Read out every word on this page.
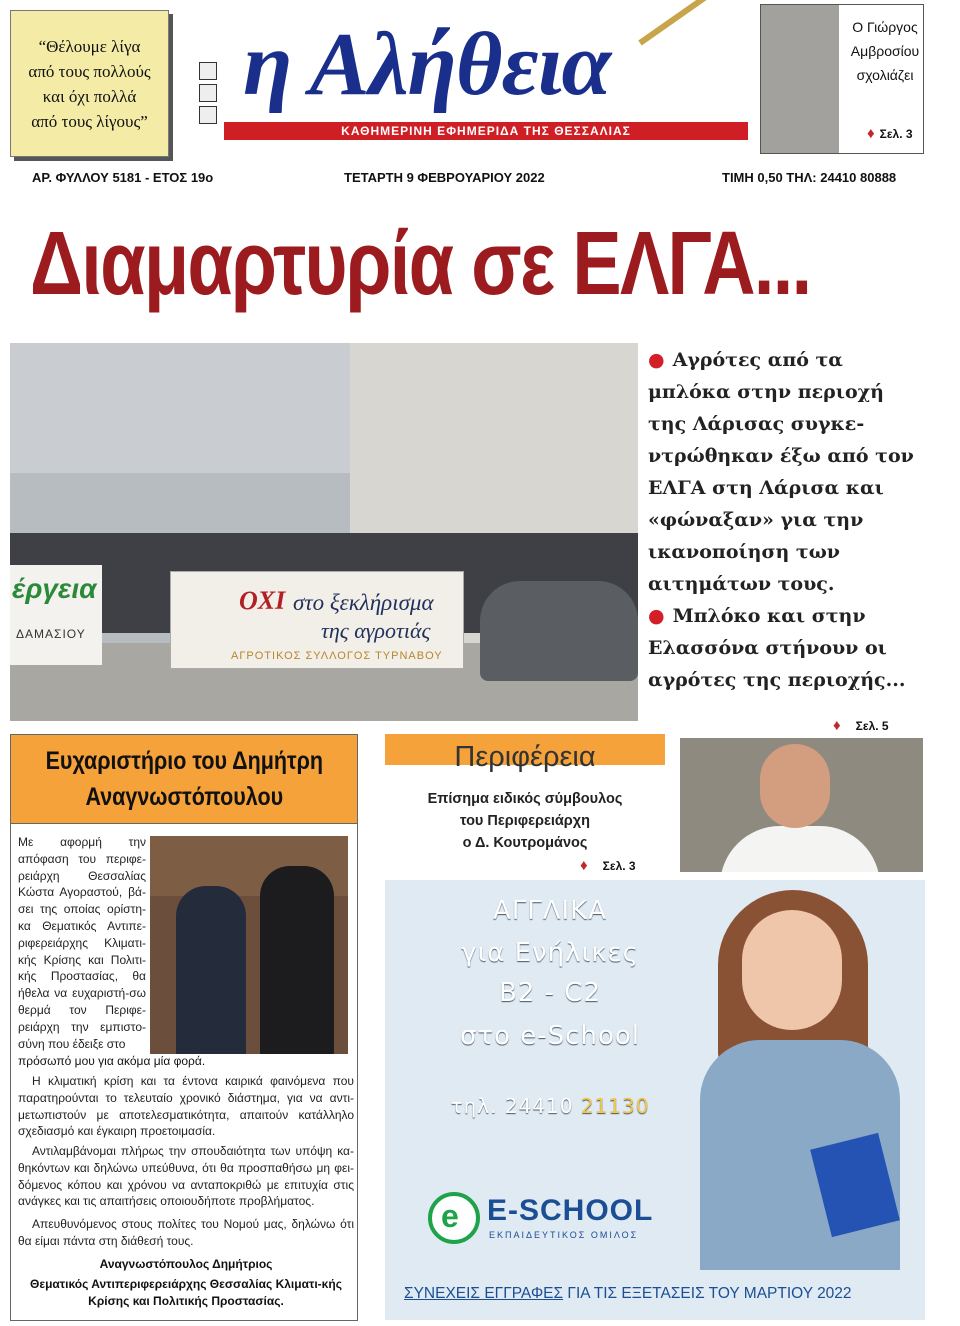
“Θέλουμε λίγα
από τους πολλούς
και όχι πολλά
από τους λίγους”
η Αλήθεια
ΚΑΘΗΜΕΡΙΝΗ ΕΦΗΜΕΡΙΔΑ ΤΗΣ ΘΕΣΣΑΛΙΑΣ
Ο Γιώργος
Αμβροσίου
σχολιάζει
♦ Σελ. 3
ΑΡ. ΦΥΛΛΟΥ 5181 - ΕΤΟΣ 19ο	ΤΕΤΑΡΤΗ 9 ΦΕΒΡΟΥΑΡΙΟΥ 2022	ΤΙΜΗ 0,50 ΤΗΛ: 24410 80888
Διαμαρτυρία σε ΕΛΓΑ...
έργεια
ΔΑΜΑΣΙΟΥ
ΟΧΙ στο ξεκλήρισμα
της αγροτιάς
ΑΓΡΟΤΙΚΟΣ ΣΥΛΛΟΓΟΣ ΤΥΡΝΑΒΟΥ

● Αγρότες από τα μπλόκα στην περιοχή της Λάρισας συγκε-ντρώθηκαν έξω από τον ΕΛΓΑ στη Λάρισα και «φώναξαν» για την ικανοποίηση των αιτημάτων τους.

● Μπλόκο και στην Ελασσόνα στήνουν οι αγρότες της περιοχής...

♦ Σελ. 5
Ευχαριστήριο του Δημήτρη
Αναγνωστόπουλου
Με αφορμή την απόφαση του περιφε-ρειάρχη Θεσσαλίας Κώστα Αγοραστού, βά-σει της οποίας ορίστη-κα Θεματικός Αντιπε-ριφερειάρχης Κλιματι-κής Κρίσης και Πολιτι-κής Προστασίας, θα ήθελα να ευχαριστή-σω θερμά τον Περιφε-ρειάρχη την εμπιστο-σύνη που έδειξε στο
πρόσωπό μου για ακόμα μία φορά.

Η κλιματική κρίση και τα έντονα καιρικά φαινόμενα που παρατηρούνται το τελευταίο χρονικό διάστημα, για να αντι-μετωπιστούν με αποτελεσματικότητα, απαιτούν κατάλληλο σχεδιασμό και έγκαιρη προετοιμασία.

Αντιλαμβάνομαι πλήρως την σπουδαιότητα των υπόψη κα-θηκόντων και δηλώνω υπεύθυνα, ότι θα προσπαθήσω μη φει-δόμενος κόπου και χρόνου να ανταποκριθώ με επιτυχία στις ανάγκες και τις απαιτήσεις οποιουδήποτε προβλήματος.

Απευθυνόμενος στους πολίτες του Νομού μας, δηλώνω ότι θα είμαι πάντα στη διάθεσή τους.

Αναγνωστόπουλος Δημήτριος
Θεματικός Αντιπεριφερειάρχης Θεσσαλίας Κλιματι-κής Κρίσης και Πολιτικής Προστασίας.
Περιφέρεια
Επίσημα ειδικός σύμβουλος
του Περιφερειάρχη
ο Δ. Κουτρομάνος
♦ Σελ. 3
ΑΓΓΛΙΚΑ
για Ενήλικες
B2 - C2
στο e-School
τηλ. 24410 21130
e E-SCHOOL
ΕΚΠΑΙΔΕΥΤΙΚΟΣ ΟΜΙΛΟΣ
ΣΥΝΕΧΕΙΣ ΕΓΓΡΑΦΕΣ ΓΙΑ ΤΙΣ ΕΞΕΤΑΣΕΙΣ ΤΟΥ ΜΑΡΤΙΟΥ 2022
